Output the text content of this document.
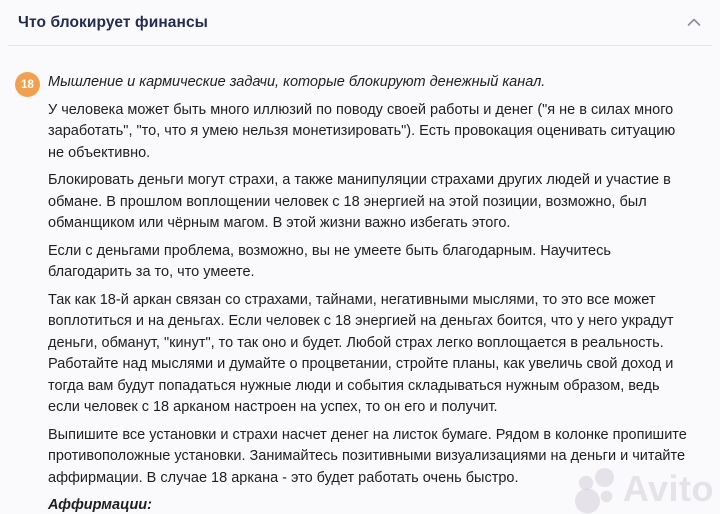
Что блокирует финансы
18 Мышление и кармические задачи, которые блокируют денежный канал.

У человека может быть много иллюзий по поводу своей работы и денег ("я не в силах много заработать", "то, что я умею нельзя монетизировать"). Есть провокация оценивать ситуацию не объективно.

Блокировать деньги могут страхи, а также манипуляции страхами других людей и участие в обмане. В прошлом воплощении человек с 18 энергией на этой позиции, возможно, был обманщиком или чёрным магом. В этой жизни важно избегать этого.

Если с деньгами проблема, возможно, вы не умеете быть благодарным. Научитесь благодарить за то, что умеете.

Так как 18-й аркан связан со страхами, тайнами, негативными мыслями, то это все может воплотиться и на деньгах. Если человек с 18 энергией на деньгах боится, что у него украдут деньги, обманут, "кинут", то так оно и будет. Любой страх легко воплощается в реальность. Работайте над мыслями и думайте о процветании, стройте планы, как увеличь свой доход и тогда вам будут попадаться нужные люди и события складываться нужным образом, ведь если человек с 18 арканом настроен на успех, то он его и получит.

Выпишите все установки и страхи насчет денег на листок бумаге. Рядом в колонке пропишите противоположные установки. Занимайтесь позитивными визуализациями на деньги и читайте аффирмации. В случае 18 аркана - это будет работать очень быстро.

Аффирмации:	Avito
